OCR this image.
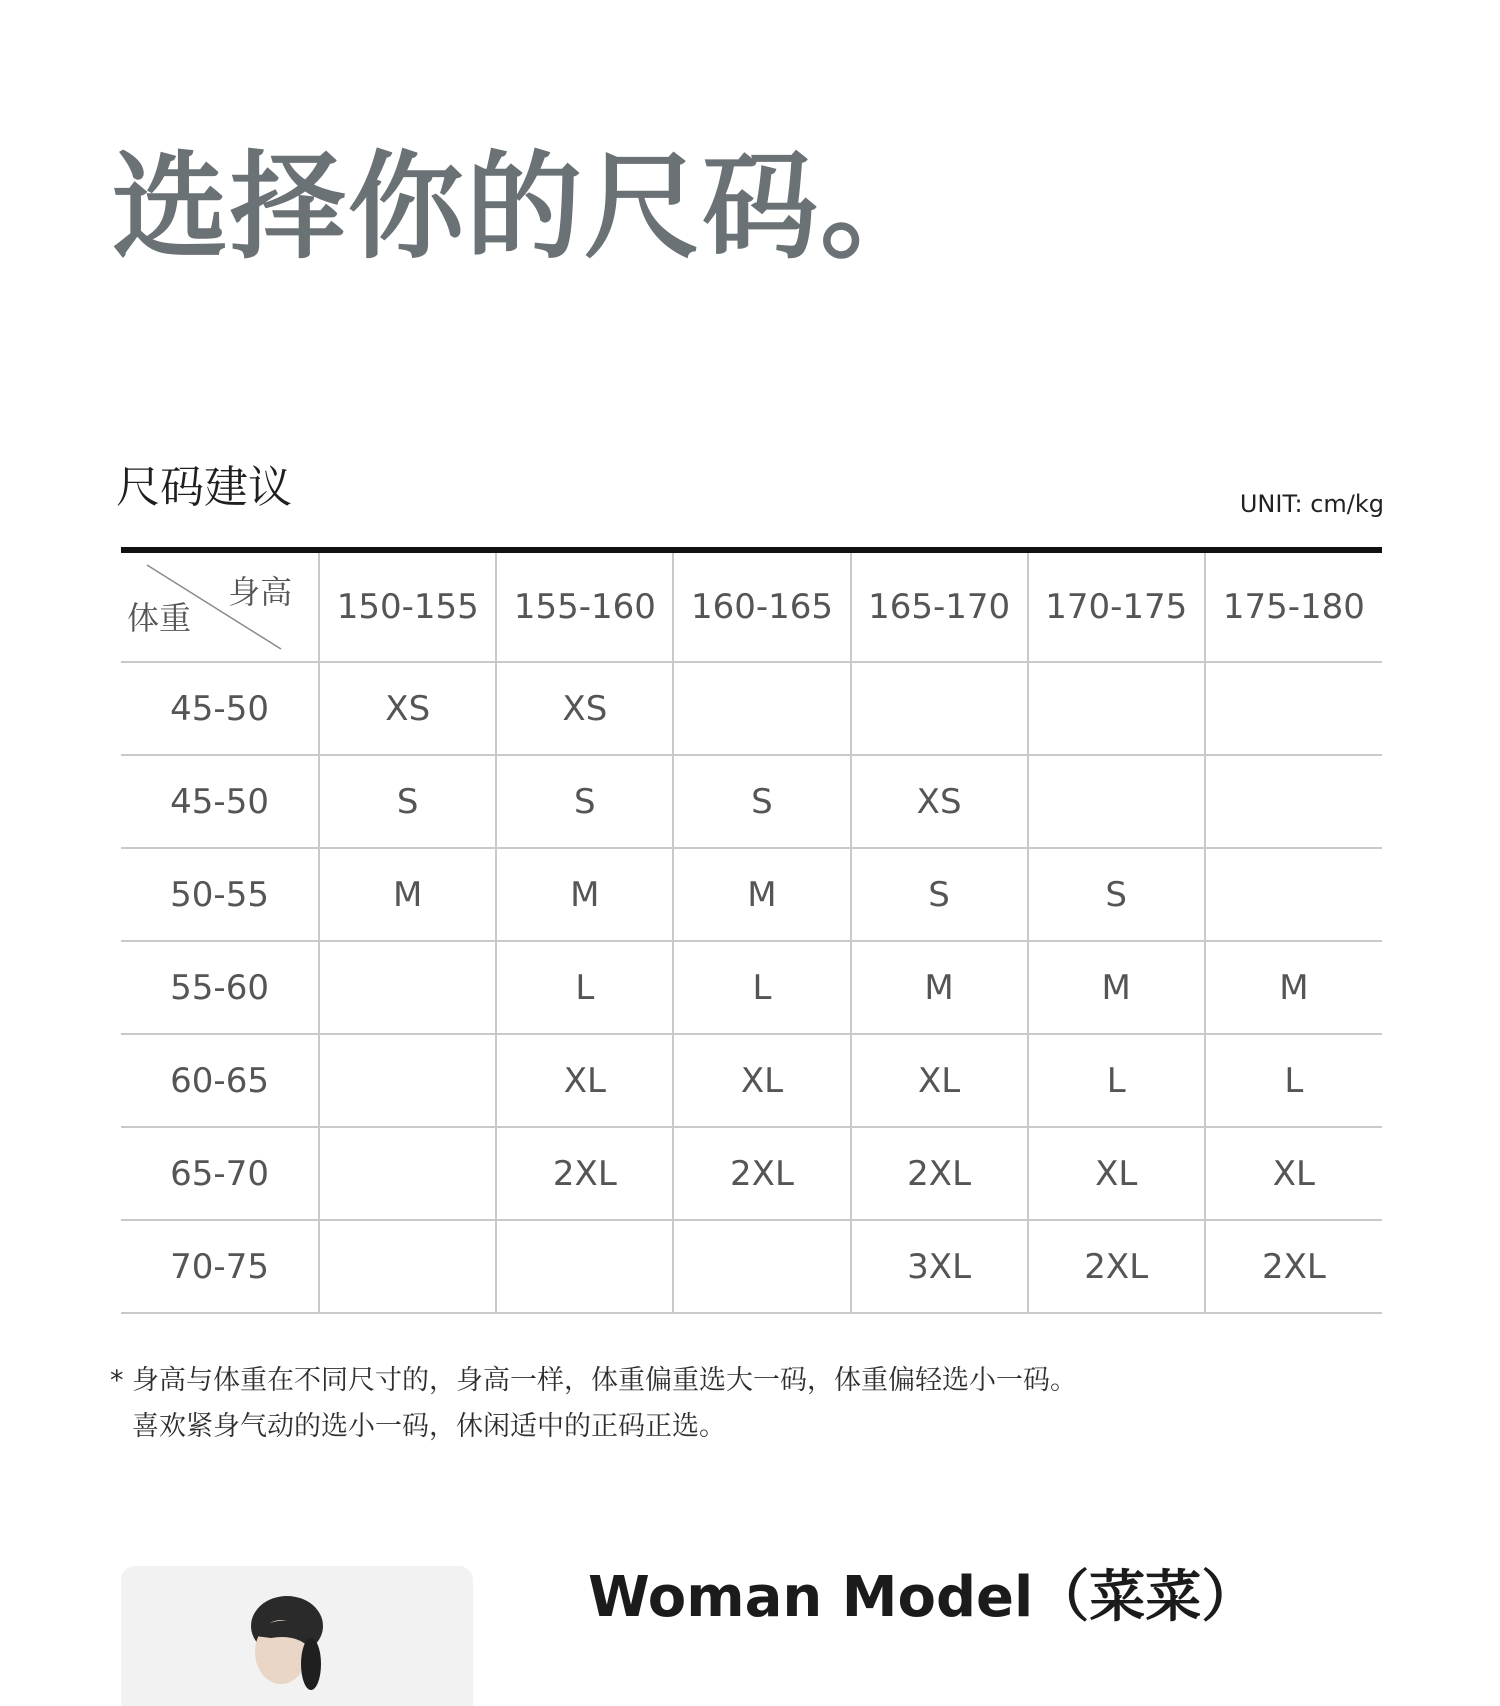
选择你的尺码。
尺码建议	UNIT: cm/kg
身高
体重	150-155	155-160	160-165	165-170	170-175	175-180
45-50	XS	XS				
45-50	S	S	S	XS		
50-55	M	M	M	S	S	
55-60		L	L	M	M	M
60-65		XL	XL	XL	L	L
65-70		2XL	2XL	2XL	XL	XL
70-75				3XL	2XL	2XL
* 身高与体重在不同尺寸的，身高一样，体重偏重选大一码，体重偏轻选小一码。
喜欢紧身气动的选小一码，休闲适中的正码正选。
Woman Model（菜菜）
